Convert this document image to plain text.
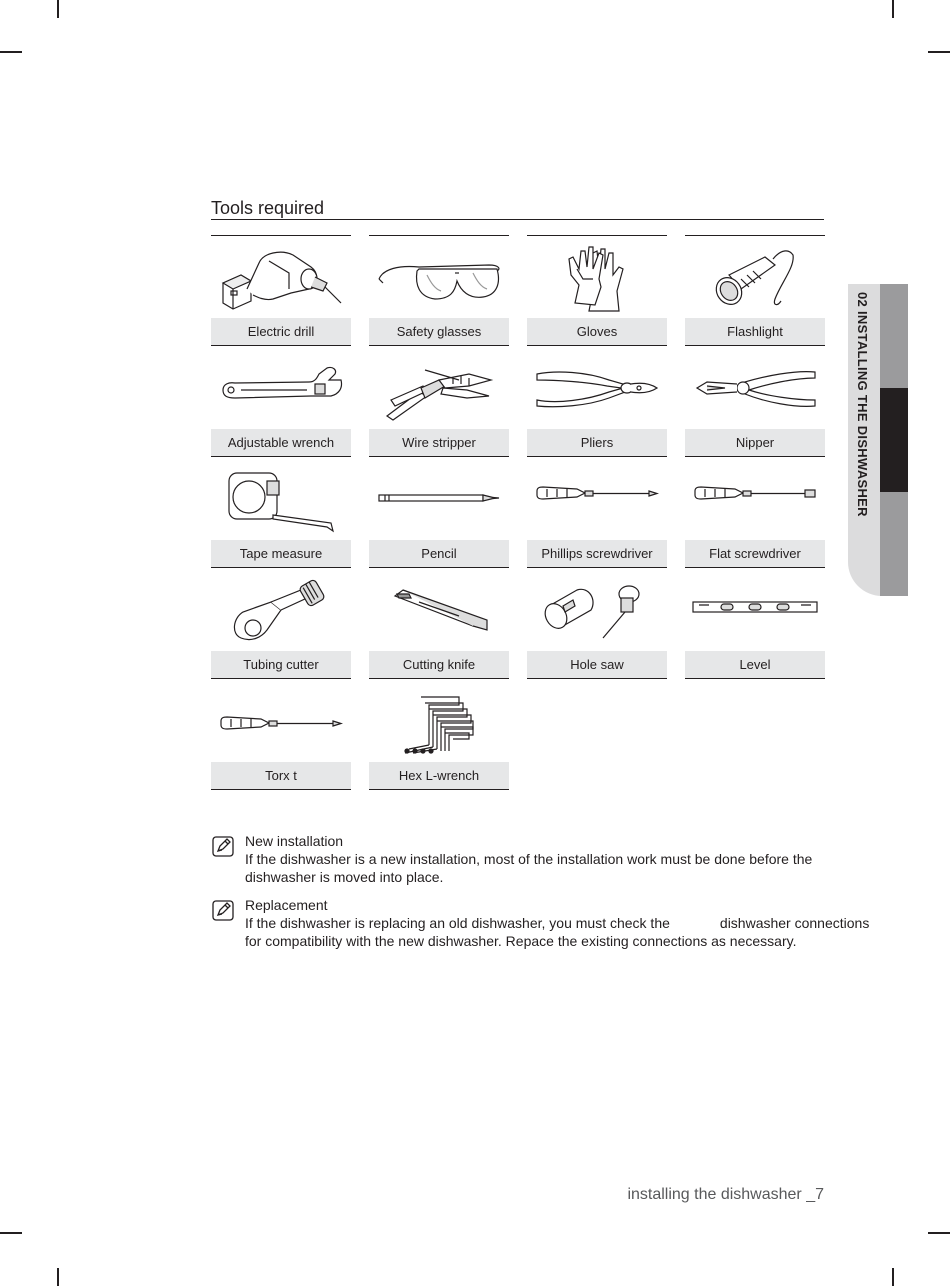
Tools required
Electric drill	Safety glasses	Gloves	Flashlight
Adjustable wrench	Wire stripper	Pliers	Nipper
Tape measure	Pencil	Phillips screwdriver	Flat screwdriver
Tubing cutter	Cutting knife	Hole saw	Level
Torx t	Hex L-wrench
02 INSTALLING THE DISHWASHER

New installation

If the dishwasher is a new installation, most of the installation work must be done before the

dishwasher is moved into place.

Replacement

If the dishwasher is replacing an old dishwasher, you must check the	dishwasher connections

for compatibility with the new dishwasher. Repace the existing connections as necessary.

installing the dishwasher _7
